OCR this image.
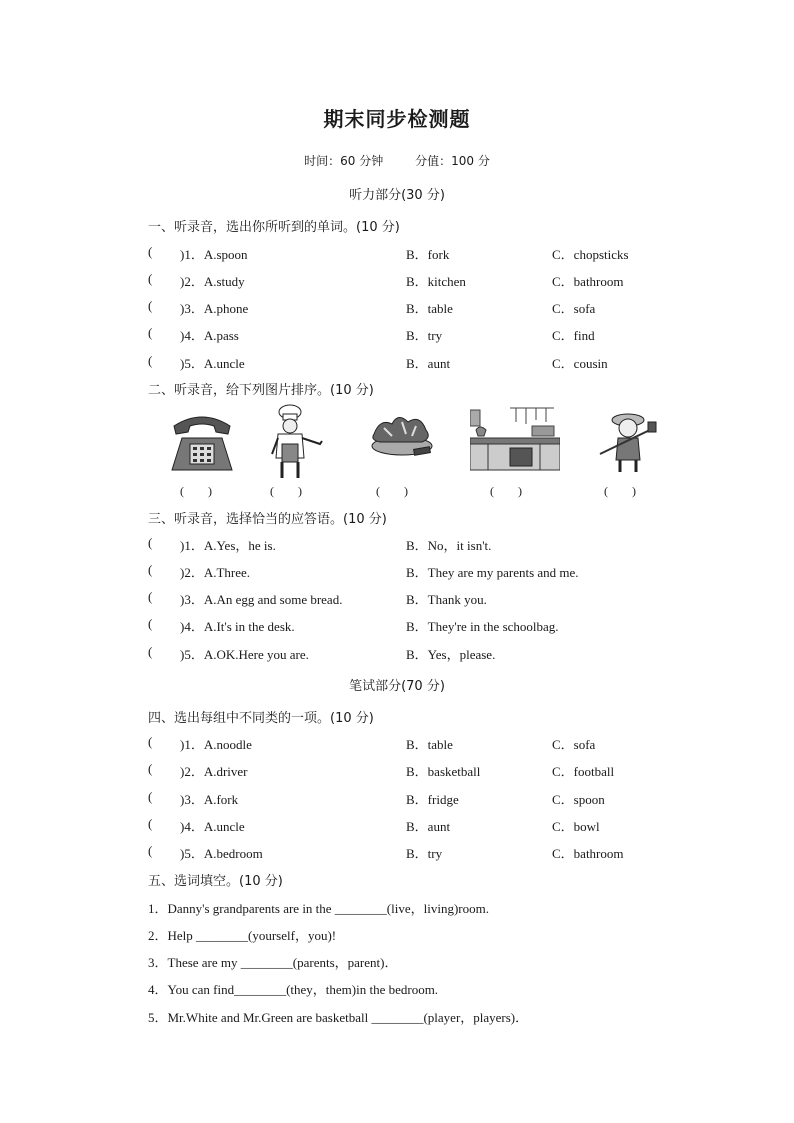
期末同步检测题
时间：60 分钟	分值：100 分
听力部分(30 分)
一、听录音，选出你所听到的单词。(10 分)
( )1．A.spoon	B．fork	C．chopsticks
( )2．A.study	B．kitchen	C．bathroom
( )3．A.phone	B．table	C．sofa
( )4．A.pass	B．try	C．find
( )5．A.uncle	B．aunt	C．cousin
二、听录音，给下列图片排序。(10 分)
(        )	(        )	(        )	(        )	(        )
三、听录音，选择恰当的应答语。(10 分)
( )1．A.Yes，he is.	B．No，it isn't.
( )2．A.Three.	B．They are my parents and me.
( )3．A.An egg and some bread.	B．Thank you.
( )4．A.It's in the desk.	B．They're in the schoolbag.
( )5．A.OK.Here you are.	B．Yes，please.
笔试部分(70 分)
四、选出每组中不同类的一项。(10 分)
( )1．A.noodle	B．table	C．sofa
( )2．A.driver	B．basketball	C．football
( )3．A.fork	B．fridge	C．spoon
( )4．A.uncle	B．aunt	C．bowl
( )5．A.bedroom	B．try	C．bathroom
五、选词填空。(10 分)
1．Danny's grandparents are in the ________(live，living)room.
2．Help ________(yourself，you)!
3．These are my ________(parents，parent)．
4．You can find________(they，them)in the bedroom.
5．Mr.White and Mr.Green are basketball ________(player，players)．
